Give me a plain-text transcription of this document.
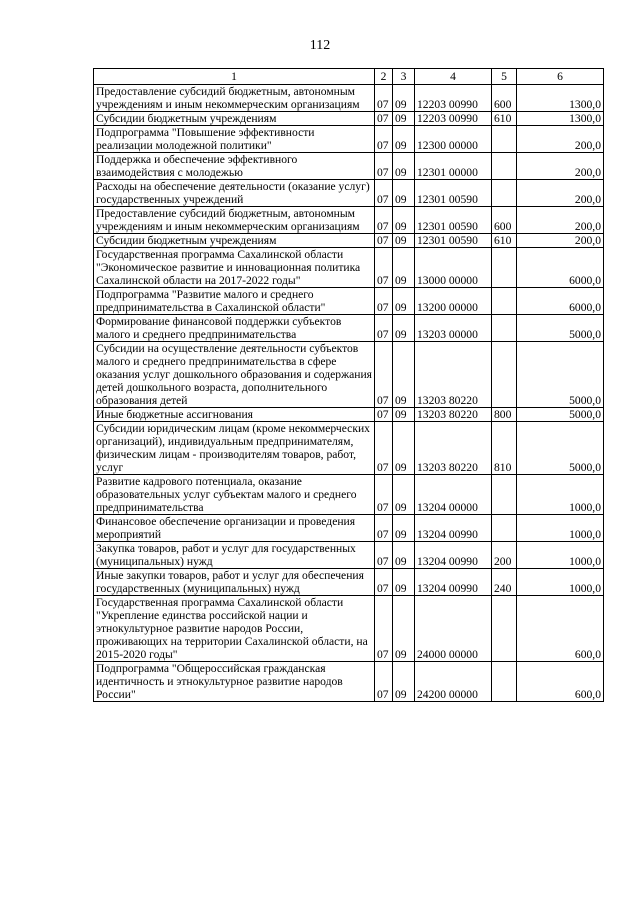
112
1	2	3	4	5	6
Предоставление субсидий бюджетным, автономным учреждениям и иным некоммерческим организациям	07	09	12203 00990	600	1300,0
Субсидии бюджетным учреждениям	07	09	12203 00990	610	1300,0
Подпрограмма "Повышение эффективности реализации молодежной политики"	07	09	12300 00000		200,0
Поддержка и обеспечение эффективного взаимодействия с молодежью	07	09	12301 00000		200,0
Расходы на обеспечение деятельности (оказание услуг) государственных учреждений	07	09	12301 00590		200,0
Предоставление субсидий бюджетным, автономным учреждениям и иным некоммерческим организациям	07	09	12301 00590	600	200,0
Субсидии бюджетным учреждениям	07	09	12301 00590	610	200,0
Государственная программа Сахалинской области "Экономическое развитие и инновационная политика Сахалинской области на 2017-2022 годы"	07	09	13000 00000		6000,0
Подпрограмма "Развитие малого и среднего предпринимательства в Сахалинской области"	07	09	13200 00000		6000,0
Формирование финансовой поддержки субъектов малого и среднего предпринимательства	07	09	13203 00000		5000,0
Субсидии на осуществление деятельности субъектов малого и среднего предпринимательства в сфере оказания услуг дошкольного образования и содержания детей дошкольного возраста, дополнительного образования детей	07	09	13203 80220		5000,0
Иные бюджетные ассигнования	07	09	13203 80220	800	5000,0
Субсидии юридическим лицам (кроме некоммерческих организаций), индивидуальным предпринимателям, физическим лицам - производителям товаров, работ, услуг	07	09	13203 80220	810	5000,0
Развитие кадрового потенциала, оказание образовательных услуг субъектам малого и среднего предпринимательства	07	09	13204 00000		1000,0
Финансовое обеспечение организации и проведения мероприятий	07	09	13204 00990		1000,0
Закупка товаров, работ и услуг для государственных (муниципальных) нужд	07	09	13204 00990	200	1000,0
Иные закупки товаров, работ и услуг для обеспечения государственных (муниципальных) нужд	07	09	13204 00990	240	1000,0
Государственная программа Сахалинской области "Укрепление единства российской нации и этнокультурное развитие народов России, проживающих на территории Сахалинской области, на 2015-2020 годы"	07	09	24000 00000		600,0
Подпрограмма "Общероссийская гражданская идентичность и этнокультурное развитие народов России"	07	09	24200 00000		600,0
